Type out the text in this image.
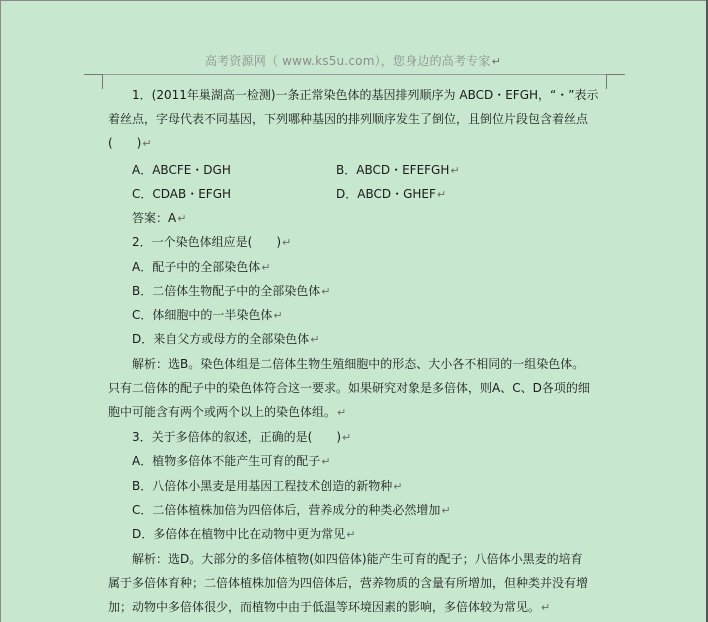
高考资源网（ www.ks5u.com），您身边的高考专家↵
1．(2011年巢湖高一检测)一条正常染色体的基因排列顺序为 ABCD・EFGH，“・”表示
着丝点，字母代表不同基因，下列哪种基因的排列顺序发生了倒位，且倒位片段包含着丝点
(　　)↵
A．ABCFE・DGH	B．ABCD・EFEFGH↵
C．CDAB・EFGH	D．ABCD・GHEF↵
答案：A↵
2．一个染色体组应是(　　)↵
A．配子中的全部染色体↵
B．二倍体生物配子中的全部染色体↵
C．体细胞中的一半染色体↵
D．来自父方或母方的全部染色体↵
解析：选B。染色体组是二倍体生物生殖细胞中的形态、大小各不相同的一组染色体。
只有二倍体的配子中的染色体符合这一要求。如果研究对象是多倍体，则A、C、D各项的细
胞中可能含有两个或两个以上的染色体组。↵
3．关于多倍体的叙述，正确的是(　　)↵
A．植物多倍体不能产生可育的配子↵
B．八倍体小黑麦是用基因工程技术创造的新物种↵
C．二倍体植株加倍为四倍体后，营养成分的种类必然增加↵
D．多倍体在植物中比在动物中更为常见↵
解析：选D。大部分的多倍体植物(如四倍体)能产生可育的配子；八倍体小黑麦的培育
属于多倍体育种；二倍体植株加倍为四倍体后，营养物质的含量有所增加，但种类并没有增
加；动物中多倍体很少，而植物中由于低温等环境因素的影响，多倍体较为常见。↵
